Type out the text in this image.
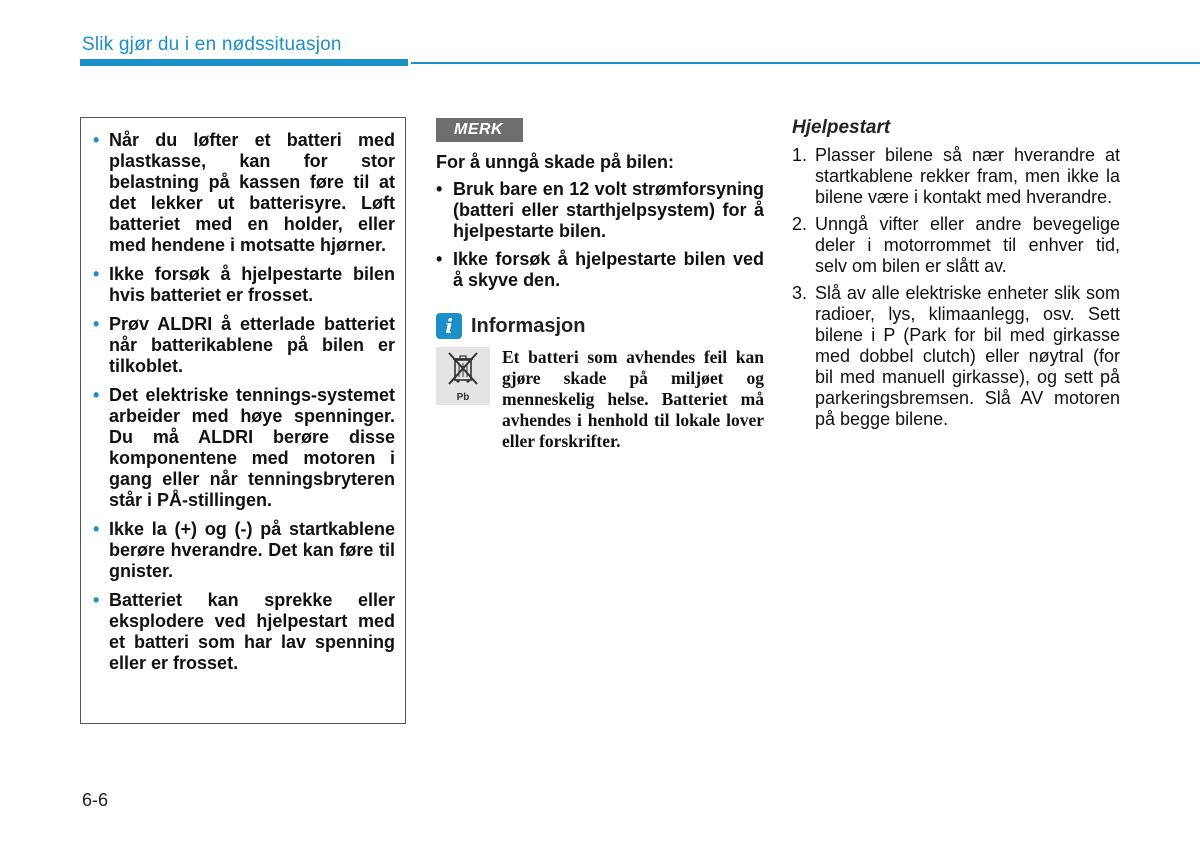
Slik gjør du i en nødssituasjon
• Når du løfter et batteri med plastkasse, kan for stor belastning på kassen føre til at det lekker ut batterisyre. Løft batteriet med en holder, eller med hendene i motsatte hjørner.
• Ikke forsøk å hjelpestarte bilen hvis batteriet er frosset.
• Prøv ALDRI å etterlade batteriet når batterikablene på bilen er tilkoblet.
• Det elektriske tennings-systemet arbeider med høye spenninger. Du må ALDRI berøre disse komponentene med motoren i gang eller når tenningsbryteren står i PÅ-stillingen.
• Ikke la (+) og (-) på startkablene berøre hverandre. Det kan føre til gnister.
• Batteriet kan sprekke eller eksplodere ved hjelpestart med et batteri som har lav spenning eller er frosset.
MERK
For å unngå skade på bilen:
• Bruk bare en 12 volt strømforsyning (batteri eller starthjelpsystem) for å hjelpestarte bilen.
• Ikke forsøk å hjelpestarte bilen ved å skyve den.
i Informasjon
Pb
Et batteri som avhendes feil kan gjøre skade på miljøet og menneskelig helse. Batteriet må avhendes i henhold til lokale lover eller forskrifter.
Hjelpestart
1. Plasser bilene så nær hverandre at startkablene rekker fram, men ikke la bilene være i kontakt med hverandre.
2. Unngå vifter eller andre bevegelige deler i motorrommet til enhver tid, selv om bilen er slått av.
3. Slå av alle elektriske enheter slik som radioer, lys, klimaanlegg, osv. Sett bilene i P (Park for bil med girkasse med dobbel clutch) eller nøytral (for bil med manuell girkasse), og sett på parkeringsbremsen. Slå AV motoren på begge bilene.
6-6
